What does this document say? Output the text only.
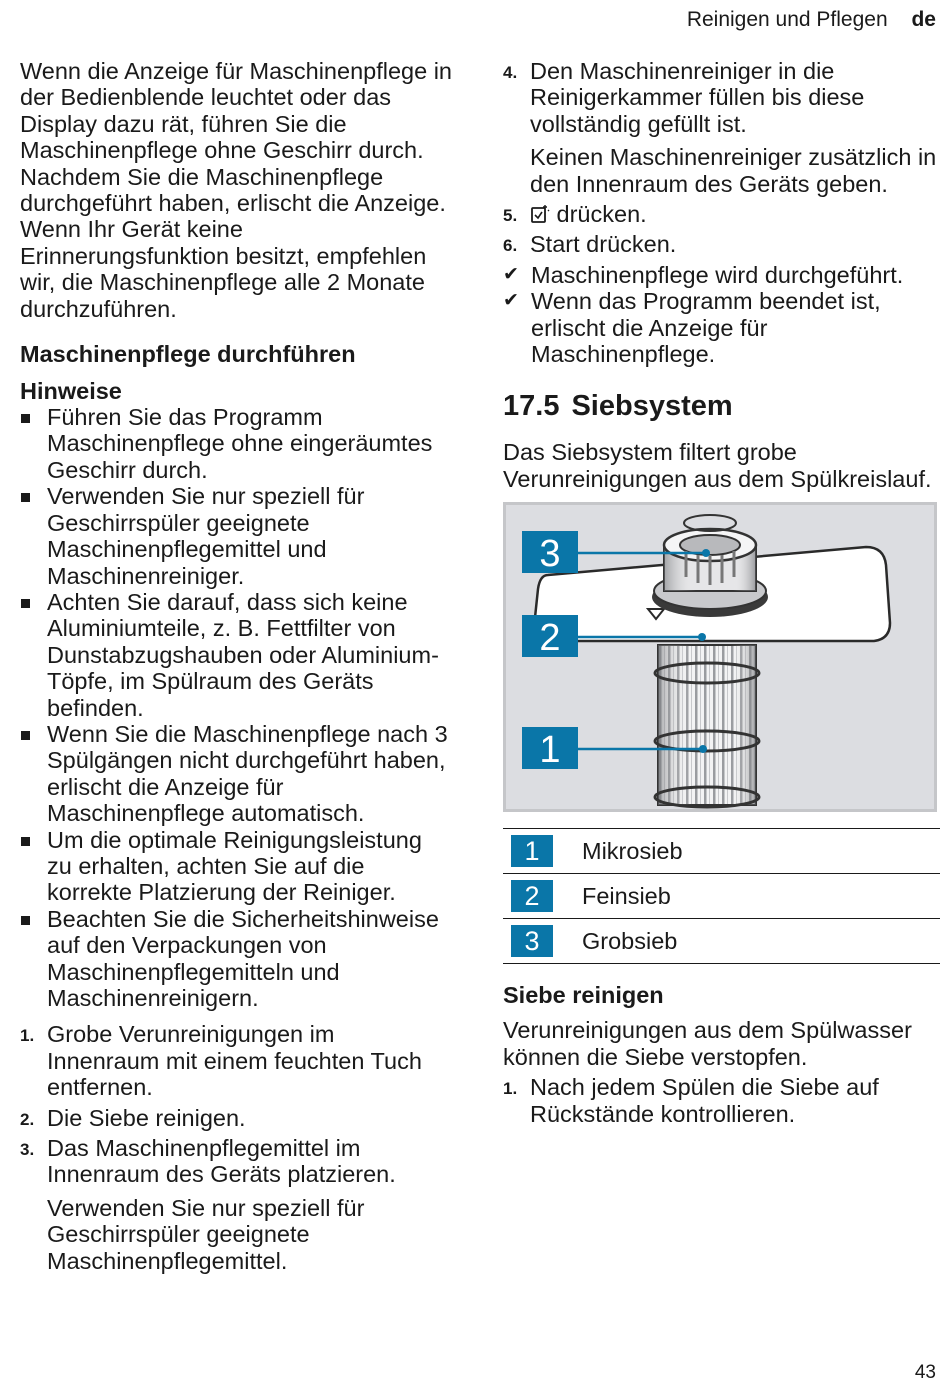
Reinigen und Pflegen de

Wenn die Anzeige für Maschinenpflege in der Bedienblende leuchtet oder das Display dazu rät, führen Sie die Maschinenpflege ohne Geschirr durch. Nachdem Sie die Maschinenpflege durchgeführt haben, erlischt die Anzeige. Wenn Ihr Gerät keine Erinnerungsfunktion besitzt, empfehlen wir, die Maschinenpflege alle 2 Monate durchzuführen.

Maschinenpflege durchführen
Hinweise
Führen Sie das Programm Maschinenpflege ohne eingeräumtes Geschirr durch.
Verwenden Sie nur speziell für Geschirrspüler geeignete Maschinenpflegemittel und Maschinenreiniger.
Achten Sie darauf, dass sich keine Aluminiumteile, z. B. Fettfilter von Dunstabzugshauben oder Aluminium-Töpfe, im Spülraum des Geräts befinden.
Wenn Sie die Maschinenpflege nach 3 Spülgängen nicht durchgeführt haben, erlischt die Anzeige für Maschinenpflege automatisch.
Um die optimale Reinigungsleistung zu erhalten, achten Sie auf die korrekte Platzierung der Reiniger.
Beachten Sie die Sicherheitshinweise auf den Verpackungen von Maschinenpflegemitteln und Maschinenreinigern.
1. Grobe Verunreinigungen im Innenraum mit einem feuchten Tuch entfernen.
2. Die Siebe reinigen.
3. Das Maschinenpflegemittel im Innenraum des Geräts platzieren.
Verwenden Sie nur speziell für Geschirrspüler geeignete Maschinenpflegemittel.
4. Den Maschinenreiniger in die Reinigerkammer füllen bis diese vollständig gefüllt ist.
Keinen Maschinenreiniger zusätzlich in den Innenraum des Geräts geben.
5. drücken.
6. Start drücken.
✔ Maschinenpflege wird durchgeführt.
✔ Wenn das Programm beendet ist, erlischt die Anzeige für Maschinenpflege.
17.5 Siebsystem

Das Siebsystem filtert grobe Verunreinigungen aus dem Spülkreislauf.

3
2
1
1	Mikrosieb
2	Feinsieb
3	Grobsieb
Siebe reinigen

Verunreinigungen aus dem Spülwasser können die Siebe verstopfen.

1. Nach jedem Spülen die Siebe auf Rückstände kontrollieren.
43
